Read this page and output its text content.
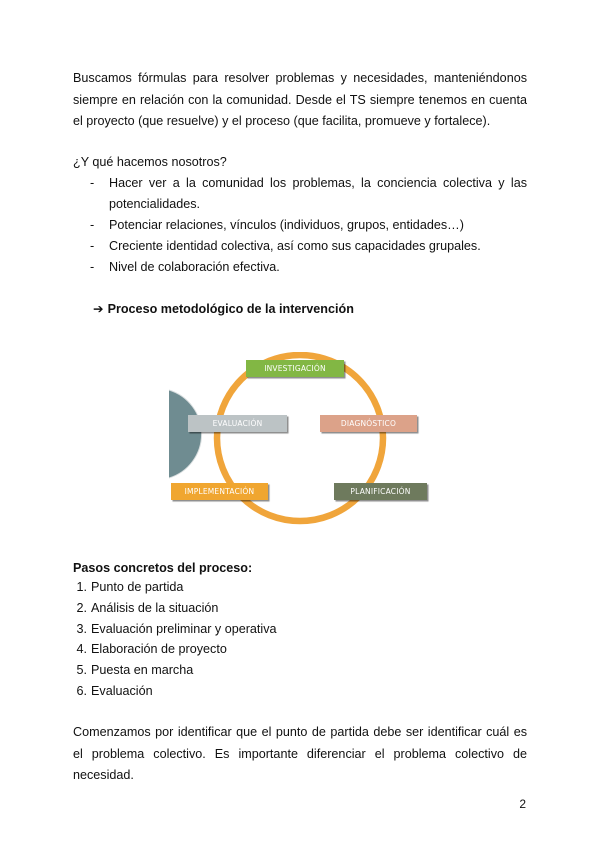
Buscamos fórmulas para resolver problemas y necesidades, manteniéndonos siempre en relación con la comunidad. Desde el TS siempre tenemos en cuenta el proyecto (que resuelve) y el proceso (que facilita, promueve y fortalece).

¿Y qué hacemos nosotros?
- Hacer ver a la comunidad los problemas, la conciencia colectiva y las potencialidades.
- Potenciar relaciones, vínculos (individuos, grupos, entidades…)
- Creciente identidad colectiva, así como sus capacidades grupales.
- Nivel de colaboración efectiva.
➔ Proceso metodológico de la intervención
INVESTIGACIÓN
EVALUACIÓN	DIAGNÓSTICO
IMPLEMENTACIÓN	PLANIFICACIÓN
Pasos concretos del proceso:
1. Punto de partida
2. Análisis de la situación
3. Evaluación preliminar y operativa
4. Elaboración de proyecto
5. Puesta en marcha
6. Evaluación

Comenzamos por identificar que el punto de partida debe ser identificar cuál es el problema colectivo. Es importante diferenciar el problema colectivo de necesidad.

2
